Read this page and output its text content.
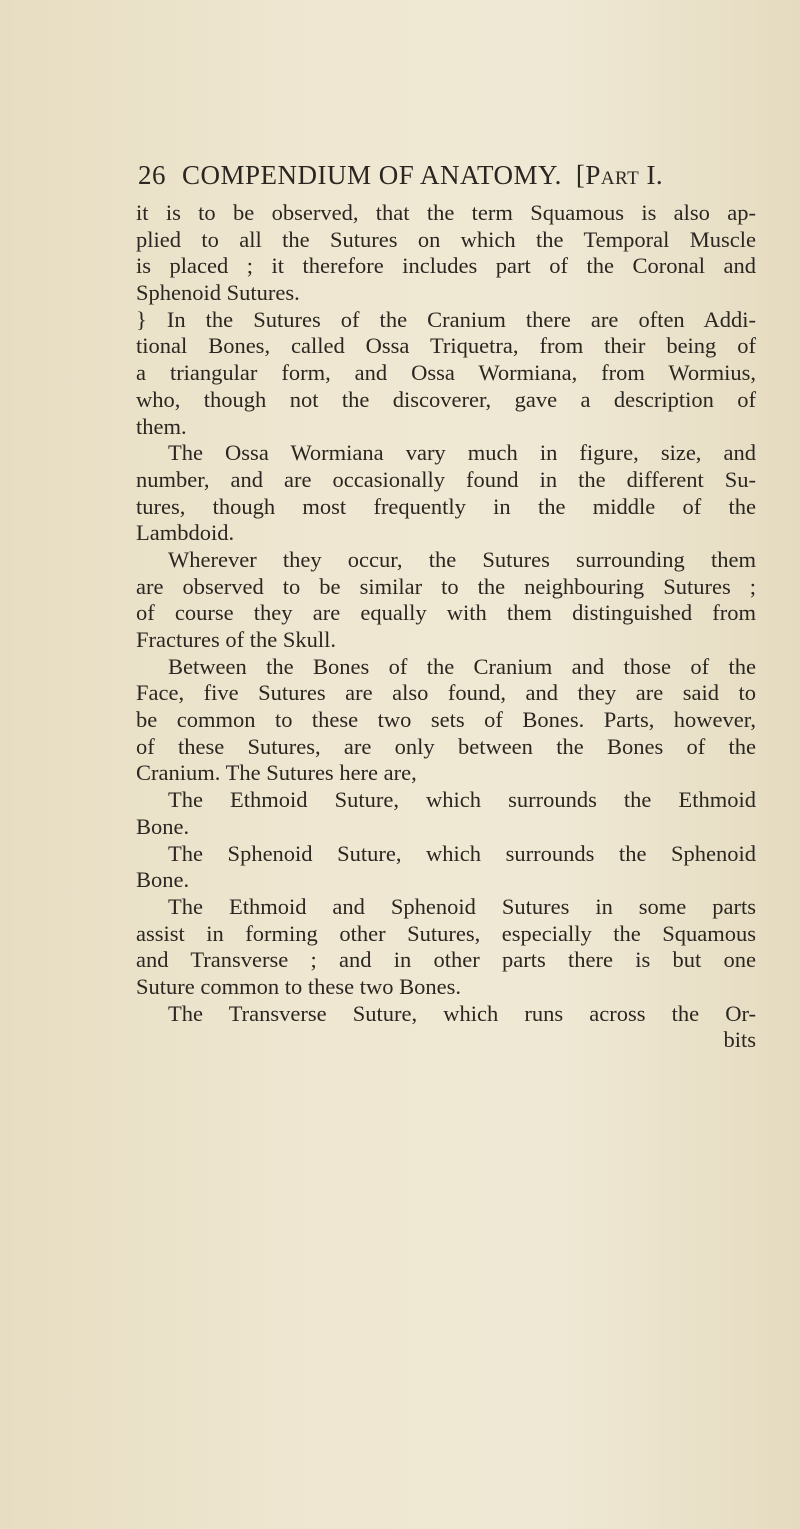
26 COMPENDIUM OF ANATOMY. [Part I.
it is to be observed, that the term Squamous is also ap-
plied to all the Sutures on which the Temporal Muscle
is placed ; it therefore includes part of the Coronal and
Sphenoid Sutures.
} In the Sutures of the Cranium there are often Addi-
tional Bones, called Ossa Triquetra, from their being of
a triangular form, and Ossa Wormiana, from Wormius,
who, though not the discoverer, gave a description of
them.
The Ossa Wormiana vary much in figure, size, and
number, and are occasionally found in the different Su-
tures, though most frequently in the middle of the
Lambdoid.
Wherever they occur, the Sutures surrounding them
are observed to be similar to the neighbouring Sutures ;
of course they are equally with them distinguished from
Fractures of the Skull.
Between the Bones of the Cranium and those of the
Face, five Sutures are also found, and they are said to
be common to these two sets of Bones. Parts, however,
of these Sutures, are only between the Bones of the
Cranium. The Sutures here are,
The Ethmoid Suture, which surrounds the Ethmoid
Bone.
The Sphenoid Suture, which surrounds the Sphenoid
Bone.
The Ethmoid and Sphenoid Sutures in some parts
assist in forming other Sutures, especially the Squamous
and Transverse ; and in other parts there is but one
Suture common to these two Bones.
The Transverse Suture, which runs across the Or-
bits
